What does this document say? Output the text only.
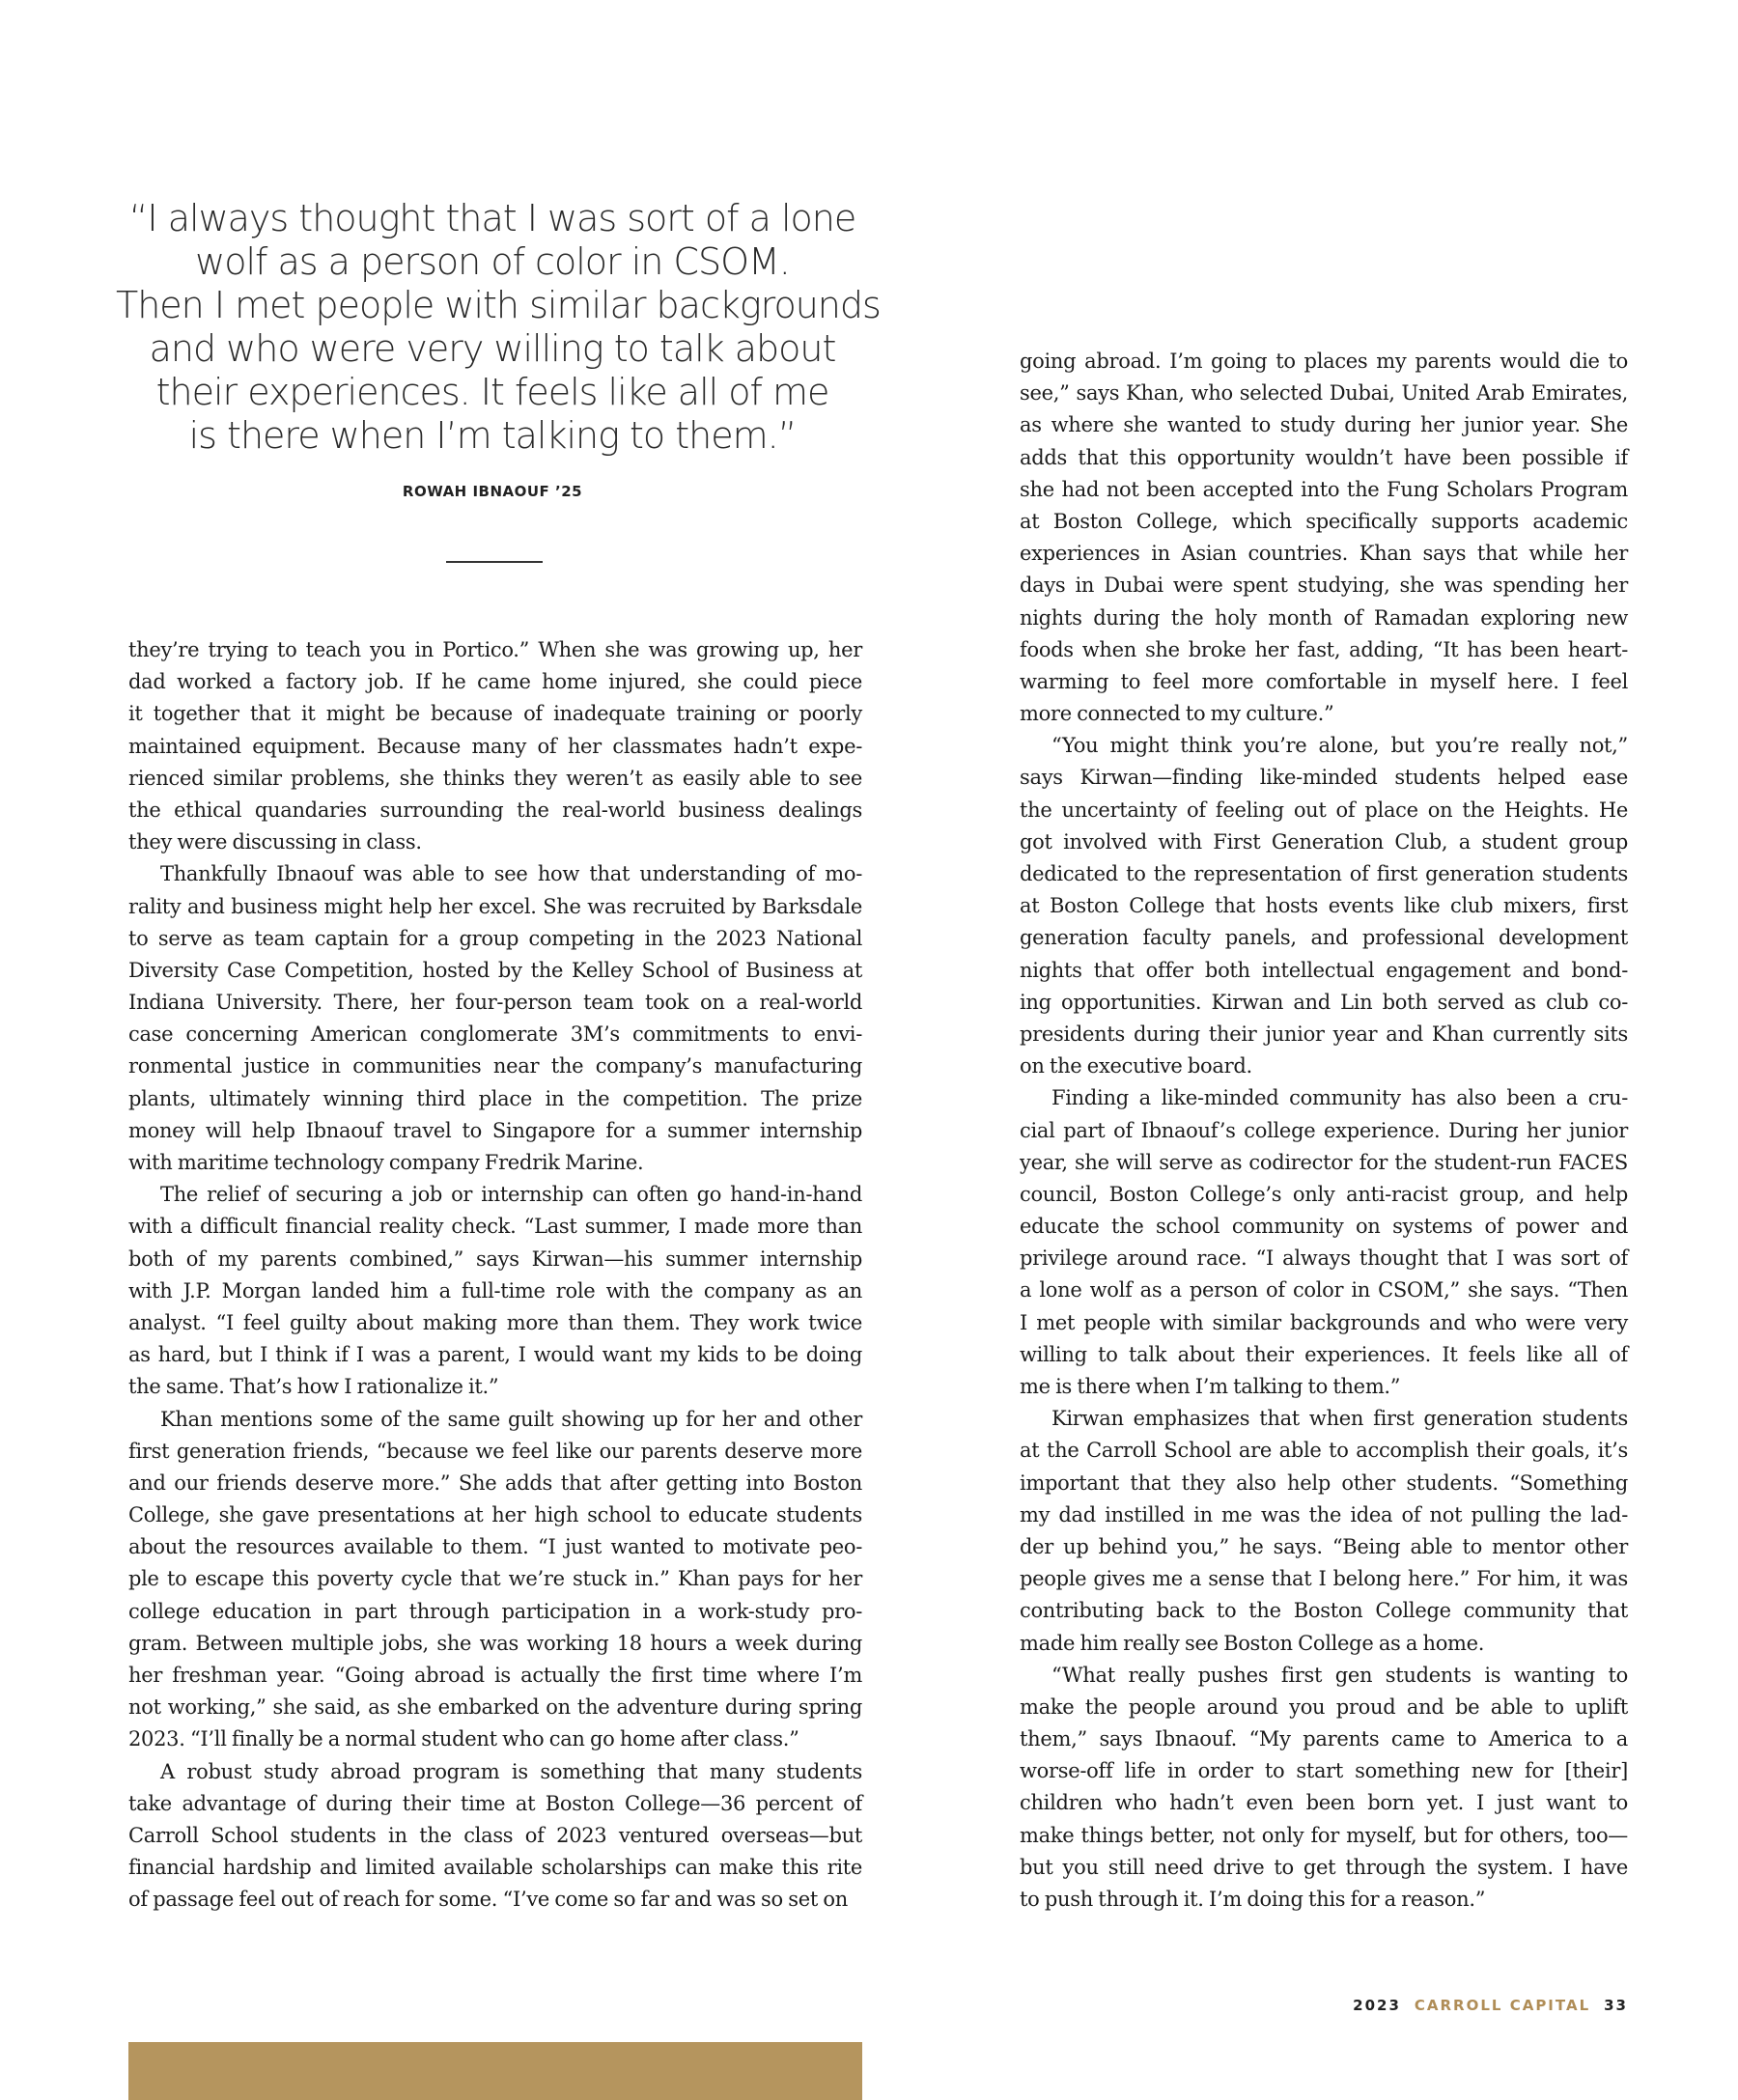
“I always thought that I was sort of a lone
wolf as a person of color in CSOM.
Then I met people with similar backgrounds
and who were very willing to talk about
their experiences. It feels like all of me
is there when I’m talking to them.”
ROWAH IBNAOUF ’25
they’re trying to teach you in Portico.” When she was growing up, her
dad worked a factory job. If he came home injured, she could piece
it together that it might be because of inadequate training or poorly
maintained equipment. Because many of her classmates hadn’t expe-
rienced similar problems, she thinks they weren’t as easily able to see
the ethical quandaries surrounding the real-world business dealings
they were discussing in class.
Thankfully Ibnaouf was able to see how that understanding of mo-
rality and business might help her excel. She was recruited by Barksdale
to serve as team captain for a group competing in the 2023 National
Diversity Case Competition, hosted by the Kelley School of Business at
Indiana University. There, her four-person team took on a real-world
case concerning American conglomerate 3M’s commitments to envi-
ronmental justice in communities near the company’s manufacturing
plants, ultimately winning third place in the competition. The prize
money will help Ibnaouf travel to Singapore for a summer internship
with maritime technology company Fredrik Marine.
The relief of securing a job or internship can often go hand-in-hand
with a difficult financial reality check. “Last summer, I made more than
both of my parents combined,” says Kirwan—his summer internship
with J.P. Morgan landed him a full-time role with the company as an
analyst. “I feel guilty about making more than them. They work twice
as hard, but I think if I was a parent, I would want my kids to be doing
the same. That’s how I rationalize it.”
Khan mentions some of the same guilt showing up for her and other
first generation friends, “because we feel like our parents deserve more
and our friends deserve more.” She adds that after getting into Boston
College, she gave presentations at her high school to educate students
about the resources available to them. “I just wanted to motivate peo-
ple to escape this poverty cycle that we’re stuck in.” Khan pays for her
college education in part through participation in a work-study pro-
gram. Between multiple jobs, she was working 18 hours a week during
her freshman year. “Going abroad is actually the first time where I’m
not working,” she said, as she embarked on the adventure during spring
2023. “I’ll finally be a normal student who can go home after class.”
A robust study abroad program is something that many students
take advantage of during their time at Boston College—36 percent of
Carroll School students in the class of 2023 ventured overseas—but
financial hardship and limited available scholarships can make this rite
of passage feel out of reach for some. “I’ve come so far and was so set on
going abroad. I’m going to places my parents would die to
see,” says Khan, who selected Dubai, United Arab Emirates,
as where she wanted to study during her junior year. She
adds that this opportunity wouldn’t have been possible if
she had not been accepted into the Fung Scholars Program
at Boston College, which specifically supports academic
experiences in Asian countries. Khan says that while her
days in Dubai were spent studying, she was spending her
nights during the holy month of Ramadan exploring new
foods when she broke her fast, adding, “It has been heart-
warming to feel more comfortable in myself here. I feel
more connected to my culture.”
“You might think you’re alone, but you’re really not,”
says Kirwan—finding like-minded students helped ease
the uncertainty of feeling out of place on the Heights. He
got involved with First Generation Club, a student group
dedicated to the representation of first generation students
at Boston College that hosts events like club mixers, first
generation faculty panels, and professional development
nights that offer both intellectual engagement and bond-
ing opportunities. Kirwan and Lin both served as club co-
presidents during their junior year and Khan currently sits
on the executive board.
Finding a like-minded community has also been a cru-
cial part of Ibnaouf’s college experience. During her junior
year, she will serve as codirector for the student-run FACES
council, Boston College’s only anti-racist group, and help
educate the school community on systems of power and
privilege around race. “I always thought that I was sort of
a lone wolf as a person of color in CSOM,” she says. “Then
I met people with similar backgrounds and who were very
willing to talk about their experiences. It feels like all of
me is there when I’m talking to them.”
Kirwan emphasizes that when first generation students
at the Carroll School are able to accomplish their goals, it’s
important that they also help other students. “Something
my dad instilled in me was the idea of not pulling the lad-
der up behind you,” he says. “Being able to mentor other
people gives me a sense that I belong here.” For him, it was
contributing back to the Boston College community that
made him really see Boston College as a home.
“What really pushes first gen students is wanting to
make the people around you proud and be able to uplift
them,” says Ibnaouf. “My parents came to America to a
worse-off life in order to start something new for [their]
children who hadn’t even been born yet. I just want to
make things better, not only for myself, but for others, too—
but you still need drive to get through the system. I have
to push through it. I’m doing this for a reason.”
2023 CARROLL CAPITAL 33
